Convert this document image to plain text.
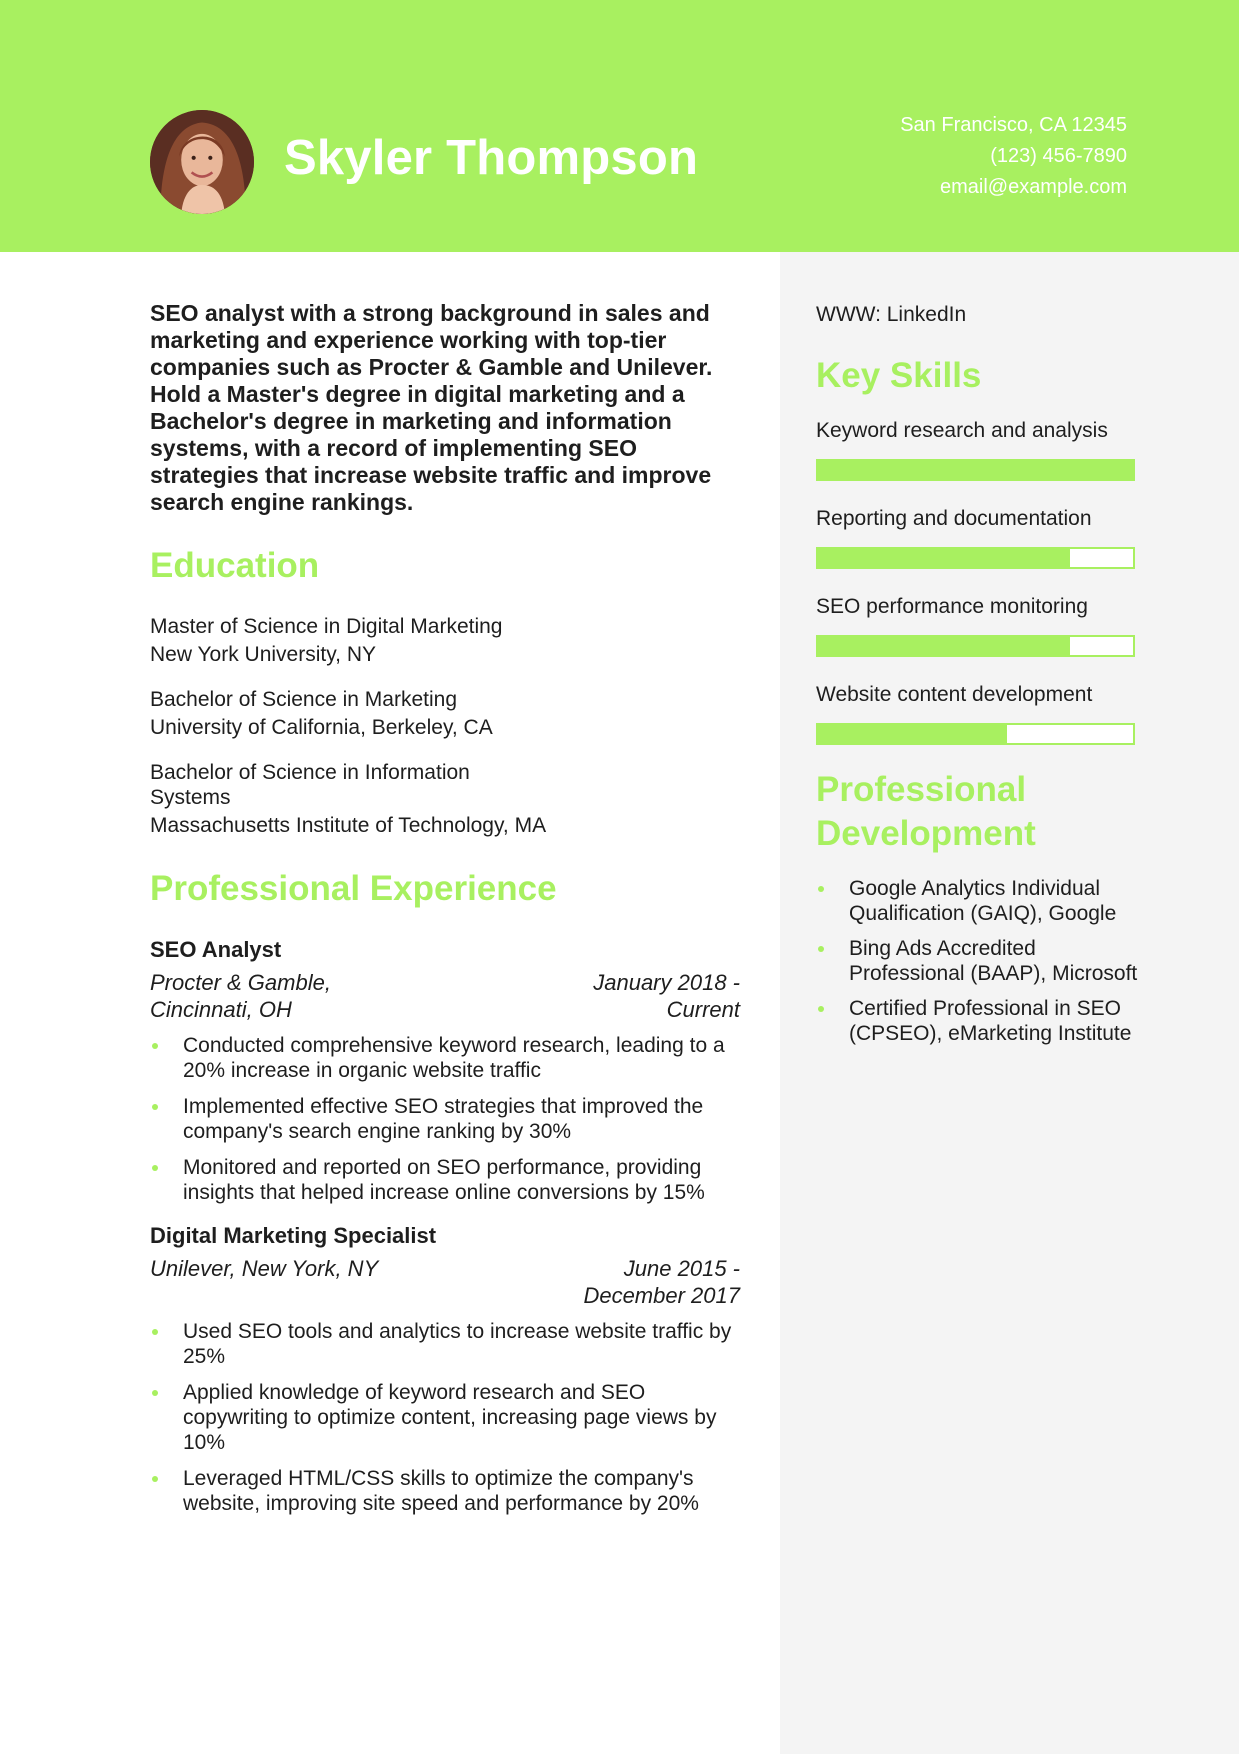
Skyler Thompson
San Francisco, CA 12345
(123) 456-7890
email@example.com

SEO analyst with a strong background in sales and marketing and experience working with top-tier companies such as Procter & Gamble and Unilever. Hold a Master's degree in digital marketing and a Bachelor's degree in marketing and information systems, with a record of implementing SEO strategies that increase website traffic and improve search engine rankings.

Education
Master of Science in Digital Marketing
New York University, NY
Bachelor of Science in Marketing
University of California, Berkeley, CA
Bachelor of Science in Information Systems
Massachusetts Institute of Technology, MA
Professional Experience

SEO Analyst

Procter & Gamble, Cincinnati, OH
January 2018 - Current
Conducted comprehensive keyword research, leading to a 20% increase in organic website traffic
Implemented effective SEO strategies that improved the company's search engine ranking by 30%
Monitored and reported on SEO performance, providing insights that helped increase online conversions by 15%

Digital Marketing Specialist

Unilever, New York, NY	June 2015 - December 2017
Used SEO tools and analytics to increase website traffic by 25%
Applied knowledge of keyword research and SEO copywriting to optimize content, increasing page views by 10%
Leveraged HTML/CSS skills to optimize the company's website, improving site speed and performance by 20%
WWW: LinkedIn
Key Skills
Keyword research and analysis
Reporting and documentation
SEO performance monitoring
Website content development
Professional Development
Google Analytics Individual Qualification (GAIQ), Google
Bing Ads Accredited Professional (BAAP), Microsoft
Certified Professional in SEO (CPSEO), eMarketing Institute
